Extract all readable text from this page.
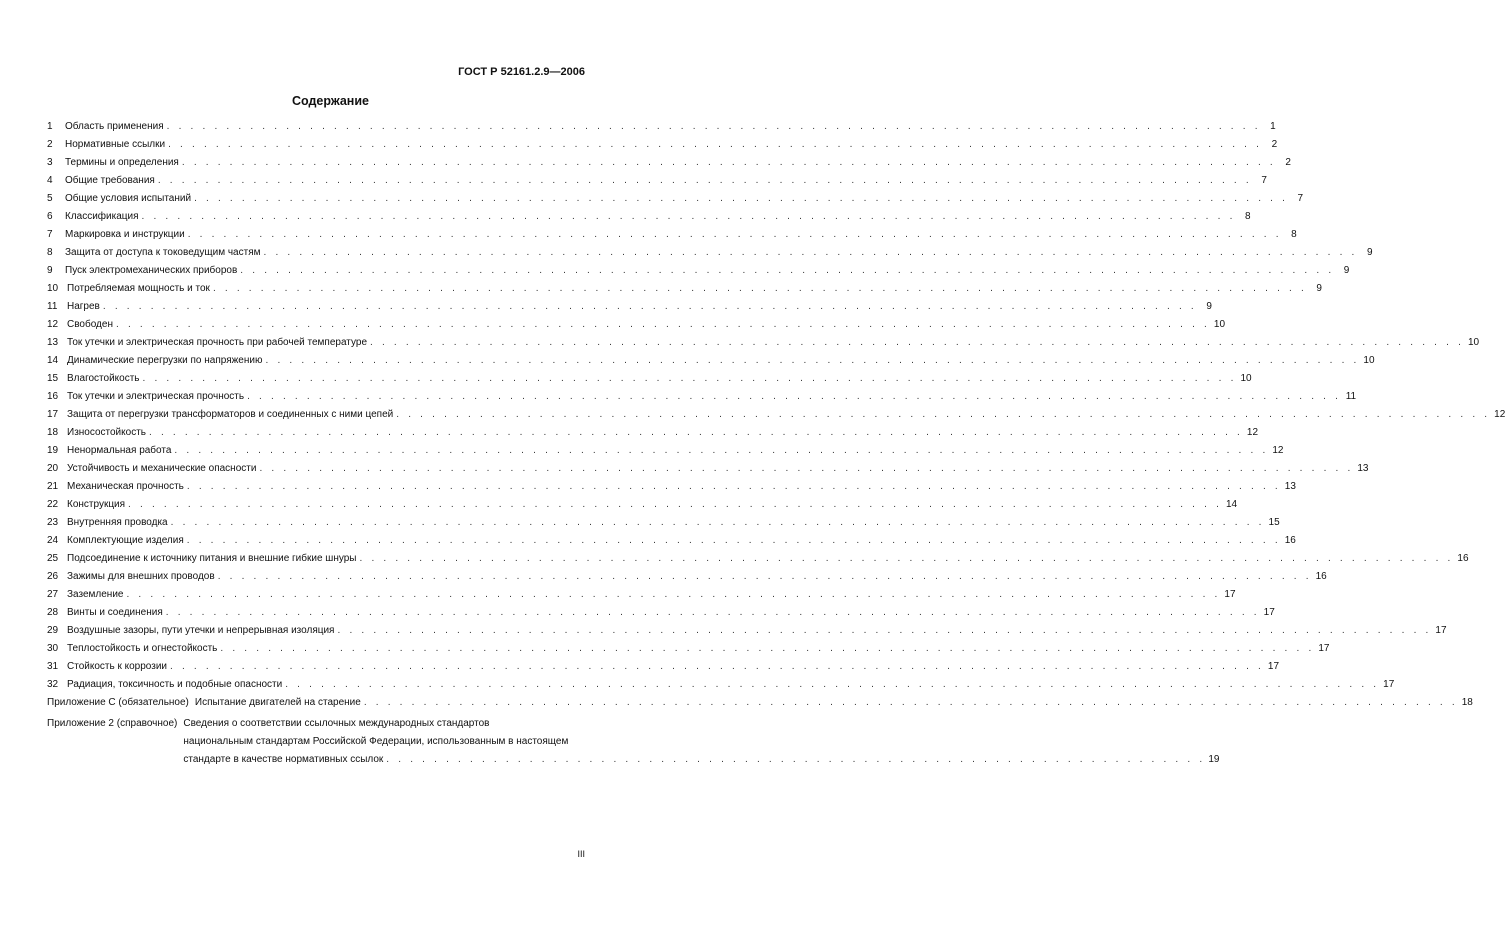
ГОСТ Р 52161.2.9—2006
Содержание
1	Область применения . . .	1
2	Нормативные ссылки . . .	2
3	Термины и определения . . .	2
4	Общие требования . . .	7
5	Общие условия испытаний . . .	7
6	Классификация . . .	8
7	Маркировка и инструкции . . .	8
8	Защита от доступа к токоведущим частям . . .	9
9	Пуск электромеханических приборов . . .	9
10 Потребляемая мощность и ток . . .	9
11 Нагрев . . .	9
12 Свободен . . .	10
13 Ток утечки и электрическая прочность при рабочей температуре . . .	10
14 Динамические перегрузки по напряжению . . .	10
15 Влагостойкость . . .	10
16 Ток утечки и электрическая прочность . . .	11
17 Защита от перегрузки трансформаторов и соединенных с ними цепей . . .	12
18 Износостойкость . . .	12
19 Ненормальная работа . . .	12
20 Устойчивость и механические опасности . . .	13
21 Механическая прочность . . .	13
22 Конструкция . . .	14
23 Внутренняя проводка . . .	15
24 Комплектующие изделия . . .	16
25 Подсоединение к источнику питания и внешние гибкие шнуры . . .	16
26 Зажимы для внешних проводов . . .	16
27 Заземление . . .	17
28 Винты и соединения . . .	17
29 Воздушные зазоры, пути утечки и непрерывная изоляция . . .	17
30 Теплостойкость и огнестойкость . . .	17
31 Стойкость к коррозии . . .	17
32 Радиация, токсичность и подобные опасности . . .	17
Приложение С (обязательное) Испытание двигателей на старение . . .	18
Приложение 2 (справочное) Сведения о соответствии ссылочных международных стандартов
национальным стандартам Российской Федерации, использованным в настоящем
стандарте в качестве нормативных ссылок . . .	19
III
